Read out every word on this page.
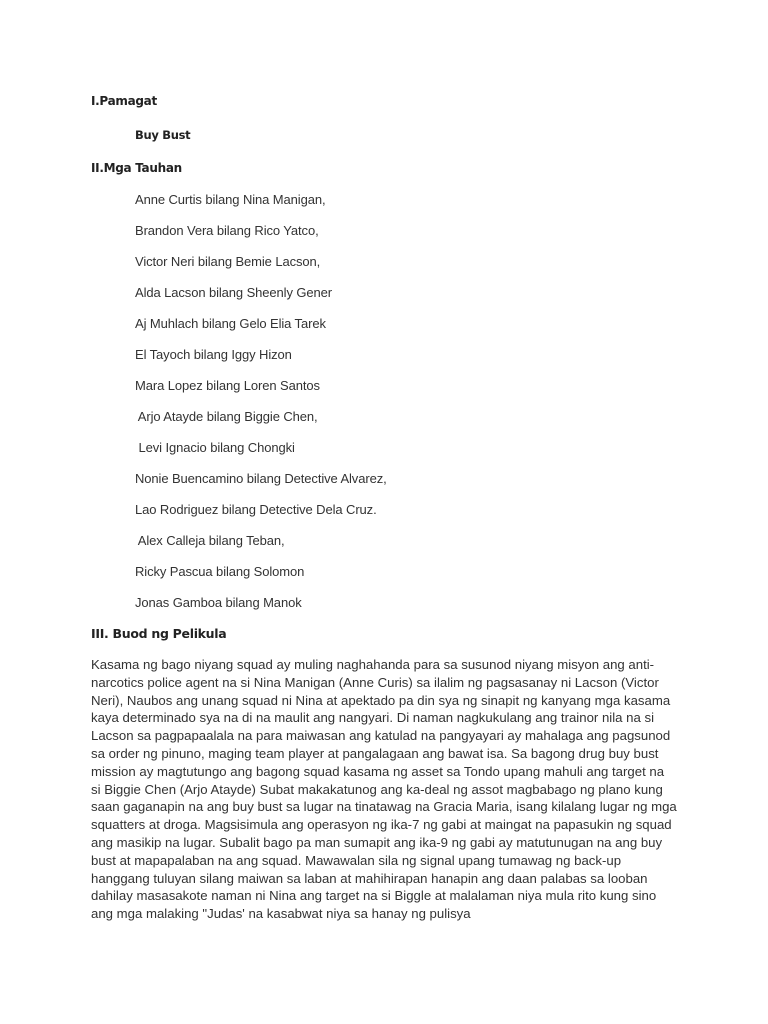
I.Pamagat
Buy Bust
II.Mga Tauhan
Anne Curtis bilang Nina Manigan,
Brandon Vera bilang Rico Yatco,
Victor Neri bilang Bemie Lacson,
Alda Lacson bilang Sheenly Gener
Aj Muhlach bilang Gelo Elia Tarek
El Tayoch bilang Iggy Hizon
Mara Lopez bilang Loren Santos
Arjo Atayde bilang Biggie Chen,
Levi Ignacio bilang Chongki
Nonie Buencamino bilang Detective Alvarez,
Lao Rodriguez bilang Detective Dela Cruz.
Alex Calleja bilang Teban,
Ricky Pascua bilang Solomon
Jonas Gamboa bilang Manok
III. Buod ng Pelikula

Kasama ng bago niyang squad ay muling naghahanda para sa susunod niyang misyon ang anti-
narcotics police agent na si Nina Manigan (Anne Curis) sa ilalim ng pagsasanay ni Lacson (Victor
Neri), Naubos ang unang squad ni Nina at apektado pa din sya ng sinapit ng kanyang mga kasama
kaya determinado sya na di na maulit ang nangyari. Di naman nagkukulang ang trainor nila na si
Lacson sa pagpapaalala na para maiwasan ang katulad na pangyayari ay mahalaga ang pagsunod
sa order ng pinuno, maging team player at pangalagaan ang bawat isa. Sa bagong drug buy bust
mission ay magtutungo ang bagong squad kasama ng asset sa Tondo upang mahuli ang target na
si Biggie Chen (Arjo Atayde) Subat makakatunog ang ka-deal ng assot magbabago ng plano kung
saan gaganapin na ang buy bust sa lugar na tinatawag na Gracia Maria, isang kilalang lugar ng mga
squatters at droga. Magsisimula ang operasyon ng ika-7 ng gabi at maingat na papasukin ng squad
ang masikip na lugar. Subalit bago pa man sumapit ang ika-9 ng gabi ay matutunugan na ang buy
bust at mapapalaban na ang squad. Mawawalan sila ng signal upang tumawag ng back-up
hanggang tuluyan silang maiwan sa laban at mahihirapan hanapin ang daan palabas sa looban
dahilay masasakote naman ni Nina ang target na si Biggle at malalaman niya mula rito kung sino
ang mga malaking "Judas' na kasabwat niya sa hanay ng pulisya
